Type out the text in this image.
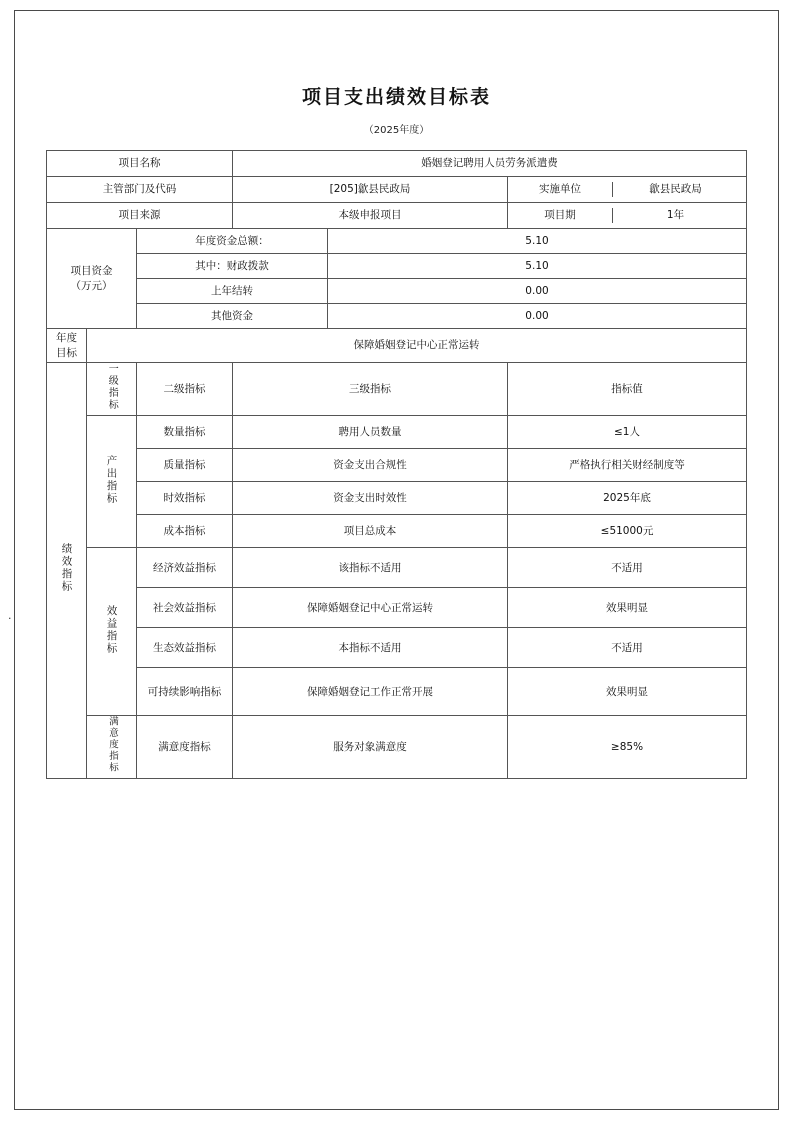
项目支出绩效目标表
（2025年度）
项目名称			婚姻登记聘用人员劳务派遣费		
主管部门及代码			[205]歙县民政局		实施单位 歙县民政局

项目来源			本级申报项目		项目期 1年

项目资金
（万元）		年度资金总额：		5.10	
		其中：财政拨款		5.10	
		上年结转		0.00	
		其他资金		0.00	

年度
目标	保障婚姻登记中心正常运转				
绩效指标	一级指标	二级指标	三级指标		指标值
	产出指标	数量指标	聘用人员数量		≤1人
		质量指标	资金支出合规性		严格执行相关财经制度等
		时效指标	资金支出时效性		2025年底
		成本指标	项目总成本		≤51000元
	效益指标	经济效益指标	该指标不适用		不适用
		社会效益指标	保障婚姻登记中心正常运转		效果明显
		生态效益指标	本指标不适用		不适用
		可持续影响指标	保障婚姻登记工作正常开展		效果明显
	满意度指标	满意度指标	服务对象满意度		≥85%
·
